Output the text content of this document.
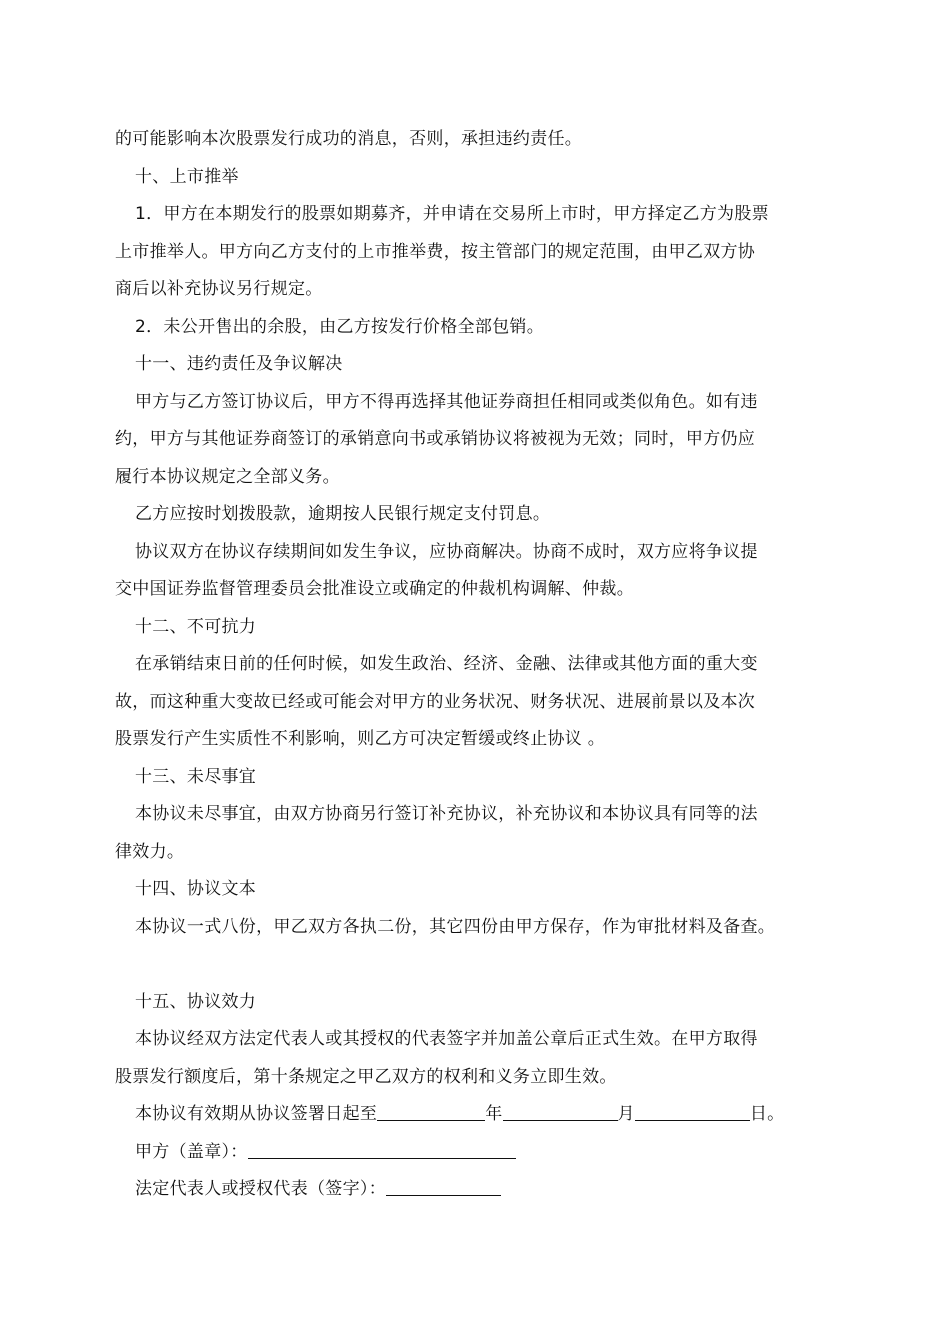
的可能影响本次股票发行成功的消息，否则，承担违约责任。
十、上市推举
1．甲方在本期发行的股票如期募齐，并申请在交易所上市时，甲方择定乙方为股票
上市推举人。甲方向乙方支付的上市推举费，按主管部门的规定范围，由甲乙双方协
商后以补充协议另行规定。
2．未公开售出的余股，由乙方按发行价格全部包销。
十一、违约责任及争议解决
甲方与乙方签订协议后，甲方不得再选择其他证券商担任相同或类似角色。如有违
约，甲方与其他证券商签订的承销意向书或承销协议将被视为无效；同时，甲方仍应
履行本协议规定之全部义务。
乙方应按时划拨股款，逾期按人民银行规定支付罚息。
协议双方在协议存续期间如发生争议，应协商解决。协商不成时，双方应将争议提
交中国证券监督管理委员会批准设立或确定的仲裁机构调解、仲裁。
十二、不可抗力
在承销结束日前的任何时候，如发生政治、经济、金融、法律或其他方面的重大变
故，而这种重大变故已经或可能会对甲方的业务状况、财务状况、进展前景以及本次
股票发行产生实质性不利影响，则乙方可决定暂缓或终止协议 。
十三、未尽事宜
本协议未尽事宜，由双方协商另行签订补充协议，补充协议和本协议具有同等的法
律效力。
十四、协议文本
本协议一式八份，甲乙双方各执二份，其它四份由甲方保存，作为审批材料及备查。
十五、协议效力
本协议经双方法定代表人或其授权的代表签字并加盖公章后正式生效。在甲方取得
股票发行额度后，第十条规定之甲乙双方的权利和义务立即生效。
本协议有效期从协议签署日起至	年	月	日。
甲方（盖章）：
法定代表人或授权代表（签字）：
